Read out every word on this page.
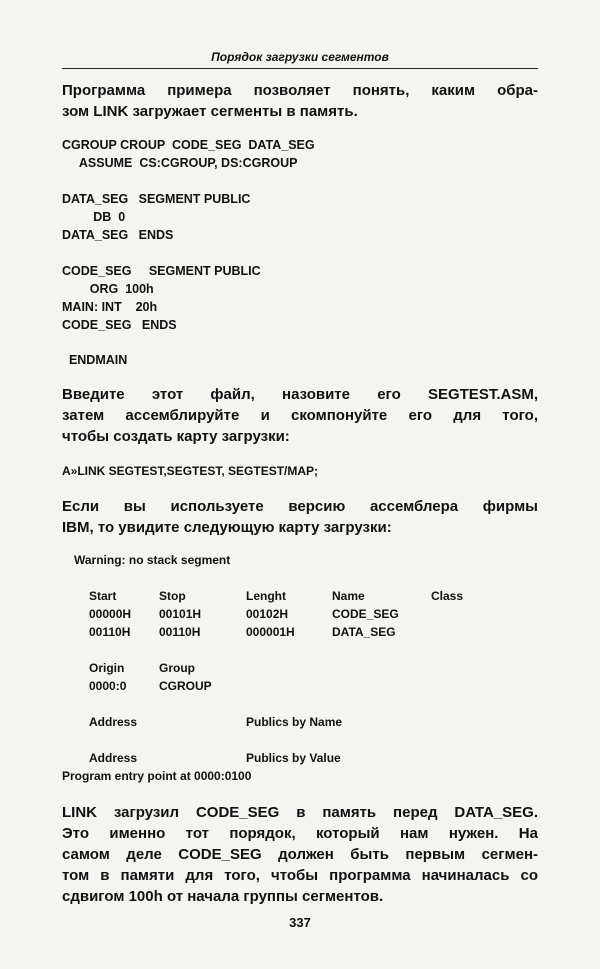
Порядок загрузки сегментов
Программа примера позволяет понять, каким обра-
зом LINK загружает сегменты в память.
CGROUP CROUP  CODE_SEG  DATA_SEG
ASSUME  CS:CGROUP, DS:CGROUP
DATA_SEG   SEGMENT PUBLIC
DB  0
DATA_SEG   ENDS
CODE_SEG     SEGMENT PUBLIC
ORG  100h
MAIN: INT    20h
CODE_SEG   ENDS
ENDMAIN
Введите этот файл, назовите его SEGTEST.ASM,
затем ассемблируйте и скомпонуйте его для того,
чтобы создать карту загрузки:
A»LINK SEGTEST,SEGTEST, SEGTEST/MAP;
Если вы используете версию ассемблера фирмы
IBM, то увидите следующую карту загрузки:
Warning: no stack segment
Start	Stop	Lenght	Name	Class
00000H 00101H	00102H	CODE_SEG
00110H 00110H	000001H	DATA_SEG
Origin	Group
0000:0	CGROUP
Address	Publics by Name
Address	Publics by Value
Program entry point at 0000:0100
LINK загрузил CODE_SEG в память перед DATA_SEG.
Это именно тот порядок, который нам нужен. На
самом деле CODE_SEG должен быть первым сегмен-
том в памяти для того, чтобы программа начиналась со
сдвигом 100h от начала группы сегментов.
337
